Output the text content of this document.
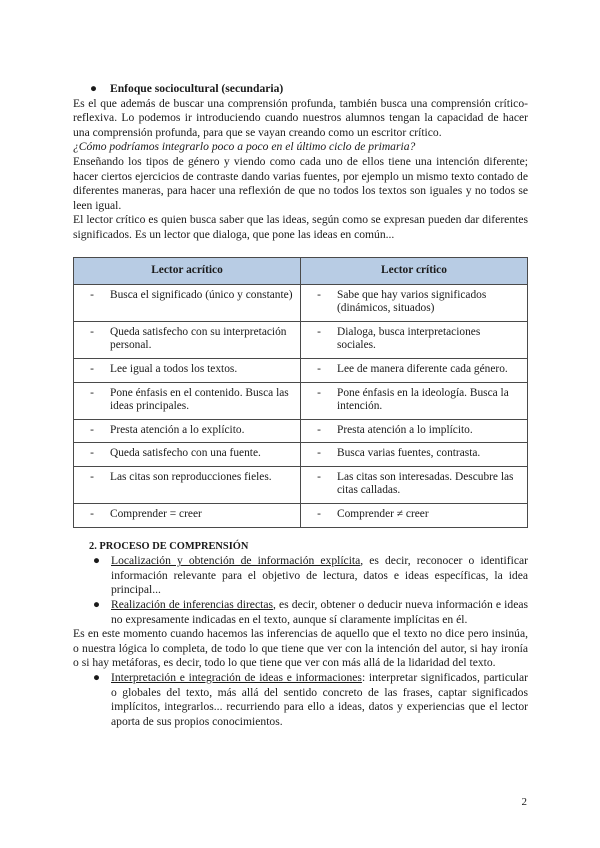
● Enfoque sociocultural (secundaria)

Es el que además de buscar una comprensión profunda, también busca una comprensión crítico-reflexiva. Lo podemos ir introduciendo cuando nuestros alumnos tengan la capacidad de hacer una comprensión profunda, para que se vayan creando como un escritor crítico.

¿Cómo podríamos integrarlo poco a poco en el último ciclo de primaria?

Enseñando los tipos de género y viendo como cada uno de ellos tiene una intención diferente; hacer ciertos ejercicios de contraste dando varias fuentes, por ejemplo un mismo texto contado de diferentes maneras, para hacer una reflexión de que no todos los textos son iguales y no todos se leen igual.

El lector crítico es quien busca saber que las ideas, según como se expresan pueden dar diferentes significados. Es un lector que dialoga, que pone las ideas en común...

Lector acrítico	Lector crítico

- Busca el significado (único y constante)	- Sabe que hay varios significados (dinámicos, situados)

- Queda satisfecho con su interpretación personal.	- Dialoga, busca interpretaciones sociales.

- Lee igual a todos los textos.	- Lee de manera diferente cada género.

- Pone énfasis en el contenido. Busca las ideas principales.	- Pone énfasis en la ideología. Busca la intención.

- Presta atención a lo explícito.	- Presta atención a lo implícito.

- Queda satisfecho con una fuente.	- Busca varias fuentes, contrasta.

- Las citas son reproducciones fieles.	- Las citas son interesadas. Descubre las citas calladas.

- Comprender = creer	- Comprender ≠ creer
2. PROCESO DE COMPRENSIÓN
● Localización y obtención de información explícita, es decir, reconocer o identificar información relevante para el objetivo de lectura, datos e ideas específicas, la idea principal...
● Realización de inferencias directas, es decir, obtener o deducir nueva información e ideas no expresamente indicadas en el texto, aunque sí claramente implícitas en él.

Es en este momento cuando hacemos las inferencias de aquello que el texto no dice pero insinúa, o nuestra lógica lo completa, de todo lo que tiene que ver con la intención del autor, si hay ironía o si hay metáforas, es decir, todo lo que tiene que ver con más allá de la lidaridad del texto.

● Interpretación e integración de ideas e informaciones: interpretar significados, particular o globales del texto, más allá del sentido concreto de las frases, captar significados implícitos, integrarlos... recurriendo para ello a ideas, datos y experiencias que el lector aporta de sus propios conocimientos.
2
